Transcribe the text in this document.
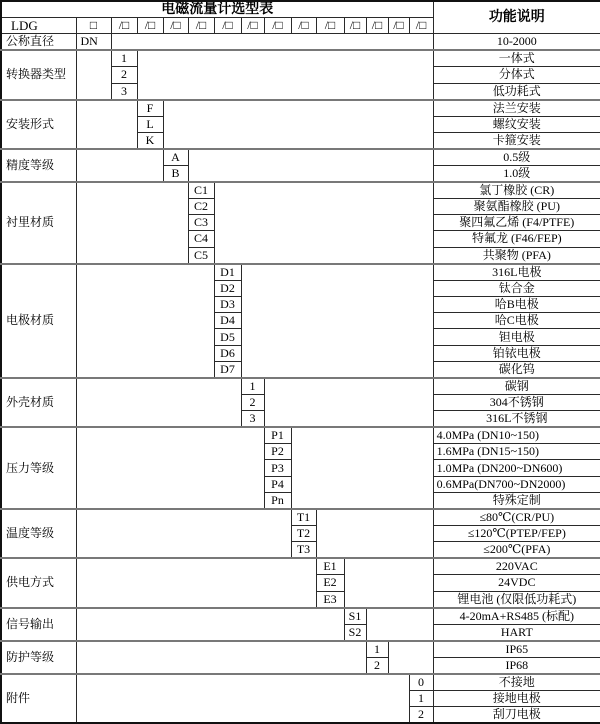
电磁流量计选型表															功能说明
LDG	□	/□	/□	/□	/□	/□	/□	/□	/□	/□	/□	/□	/□	/□	
公称直径	DN														10-2000
转换器类型		1													一体式
		2													分体式
		3													低功耗式
安装形式			F												法兰安装
			L												螺纹安装
			K												卡箍安装
精度等级				A											0.5级
				B											1.0级
衬里材质					C1										氯丁橡胶 (CR)
					C2										聚氨酯橡胶 (PU)
					C3										聚四氟乙烯 (F4/PTFE)
					C4										特氟龙 (F46/FEP)
					C5										共聚物 (PFA)
电极材质						D1									316L电极
						D2									钛合金
						D3									哈B电极
						D4									哈C电极
						D5									钽电极
						D6									铂铱电极
						D7									碳化钨
外壳材质							1								碳钢
							2								304不锈钢
							3								316L不锈钢
压力等级								P1							4.0MPa (DN10~150)
								P2							1.6MPa (DN15~150)
								P3							1.0MPa (DN200~DN600)
								P4							0.6MPa(DN700~DN2000)
								Pn							特殊定制
温度等级									T1						≤80℃(CR/PU)
									T2						≤120℃(PTEP/FEP)
									T3						≤200℃(PFA)
供电方式										E1					220VAC
										E2					24VDC
										E3					锂电池 (仅限低功耗式)
信号输出											S1				4-20mA+RS485 (标配)
											S2				HART
防护等级												1			IP65
												2			IP68
附件														0	不接地
														1	接地电极
														2	刮刀电极
